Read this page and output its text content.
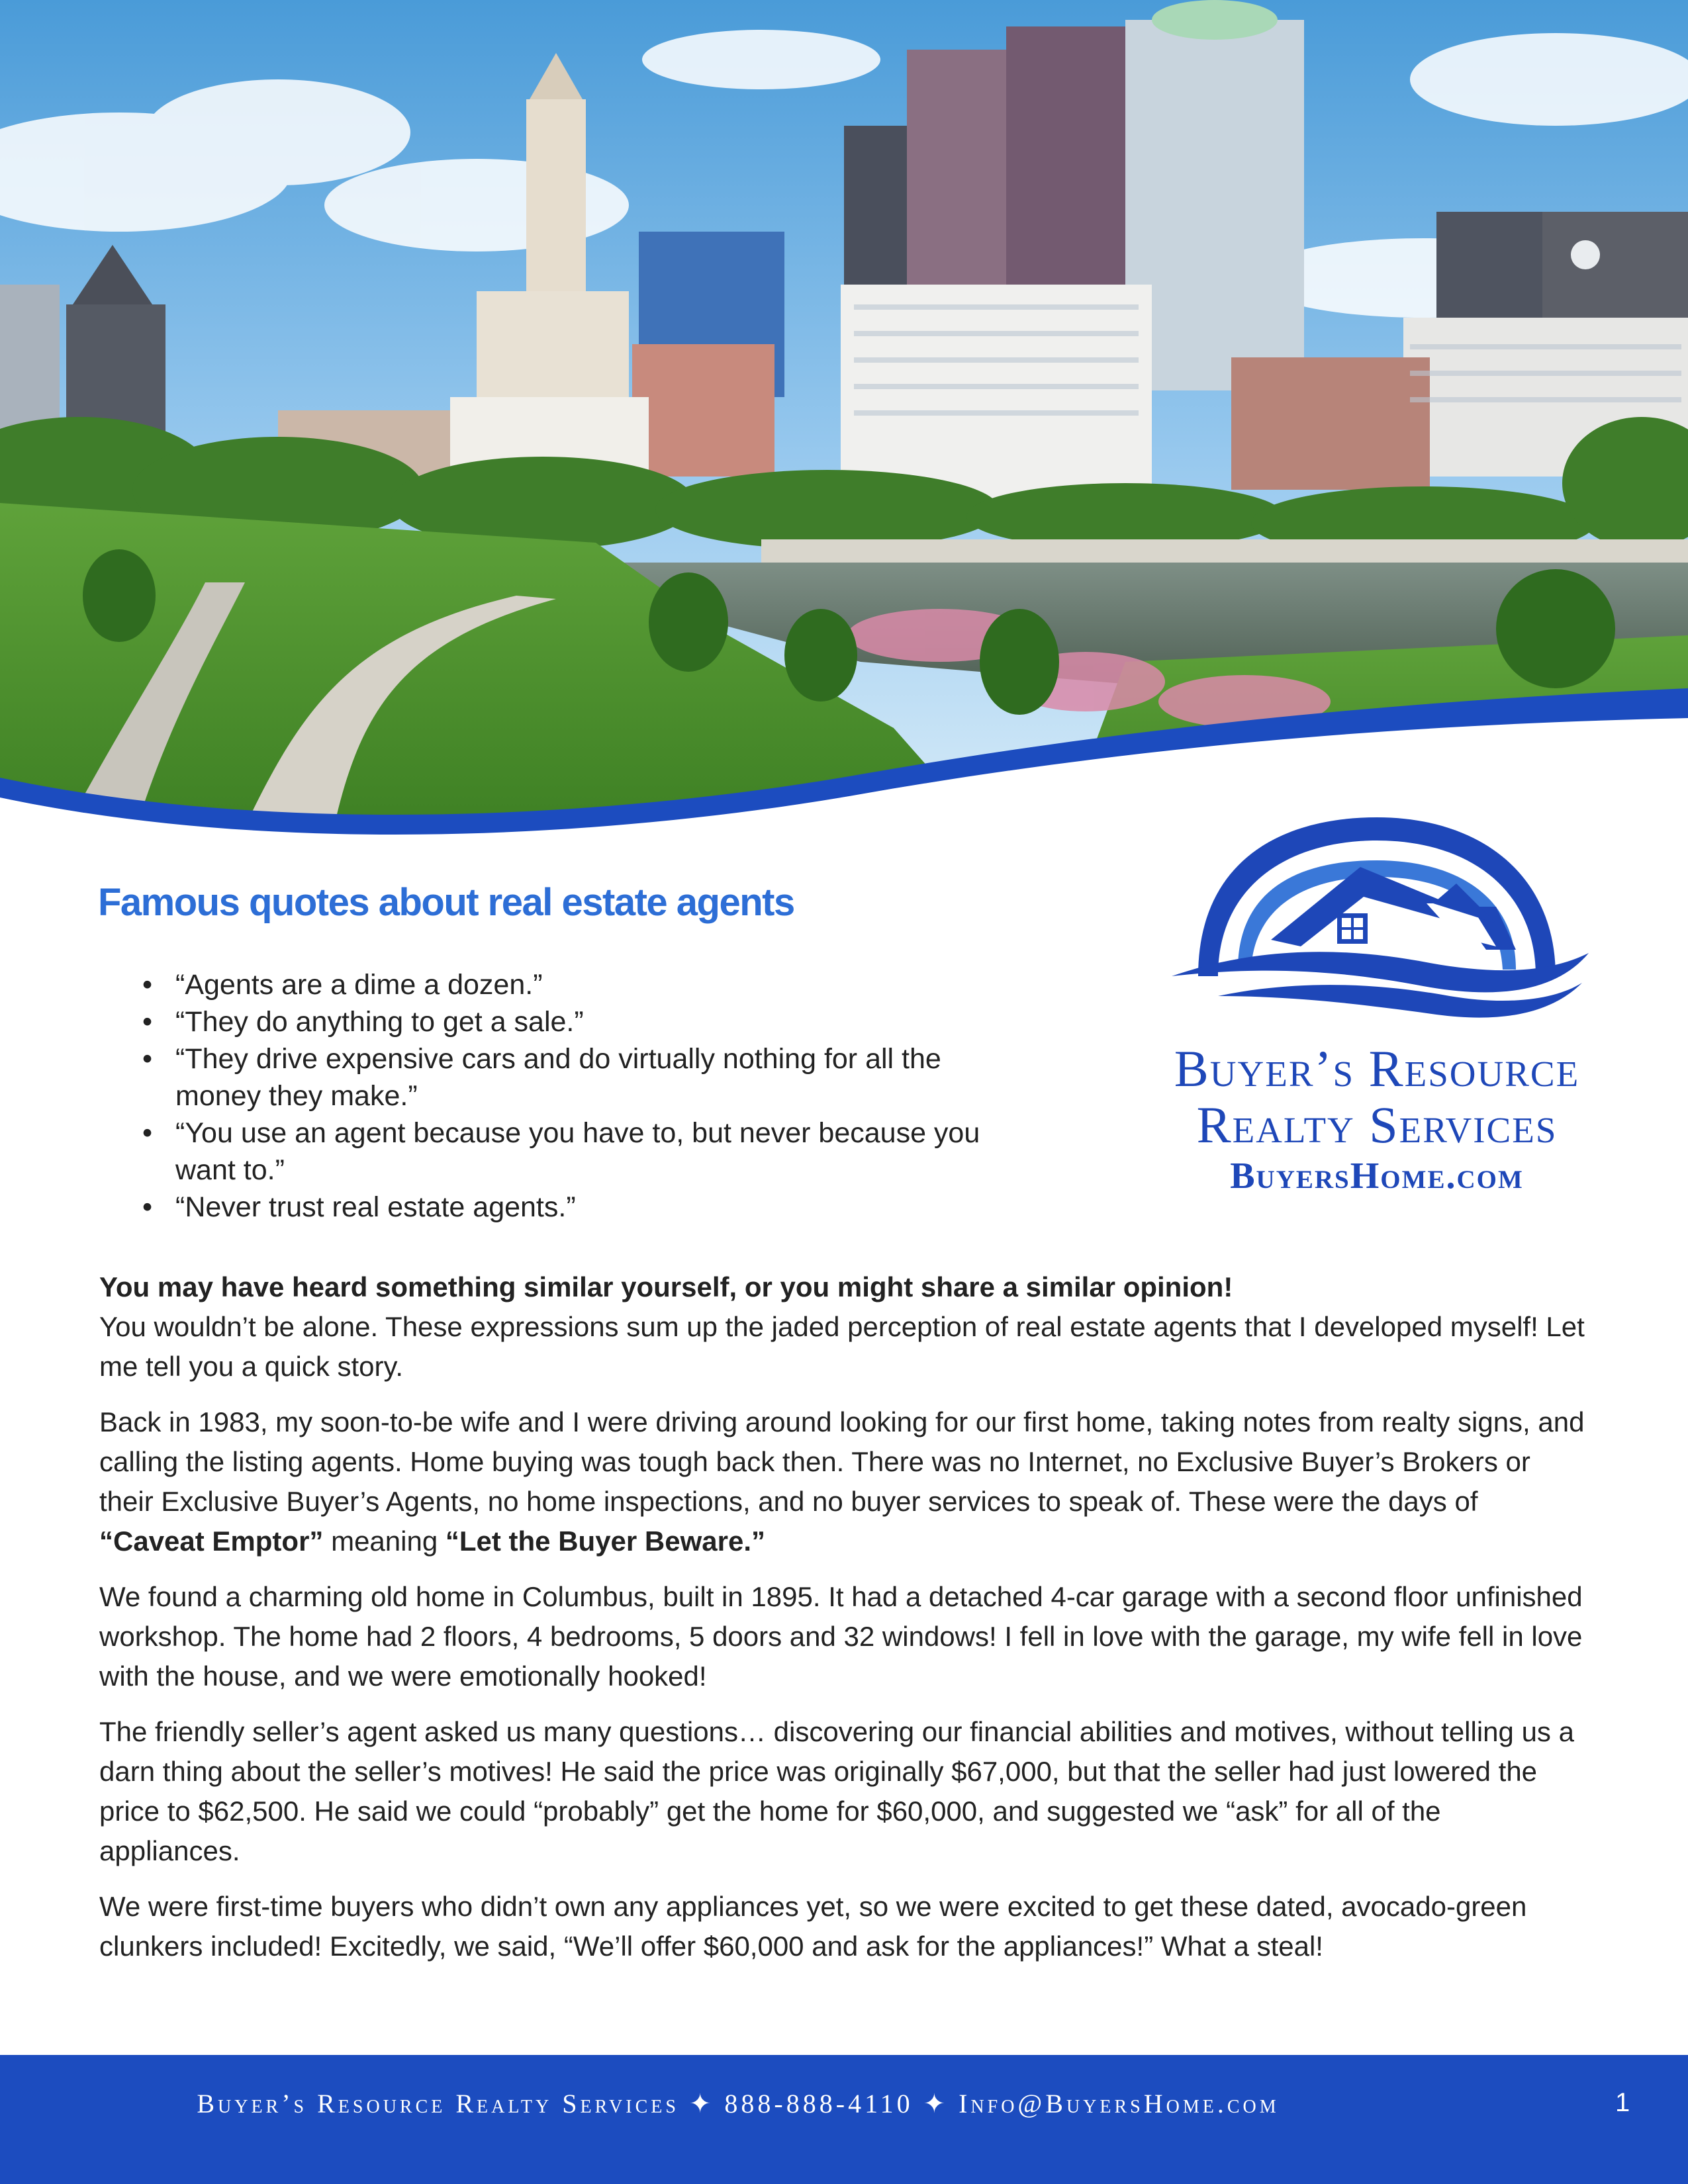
Buyer’s Resource
Realty Services
BuyersHome.com
Famous quotes about real estate agents
• “Agents are a dime a dozen.”
• “They do anything to get a sale.”
• “They drive expensive cars and do virtually nothing for all the money they make.”
• “You use an agent because you have to, but never because you want to.”
• “Never trust real estate agents.”

You may have heard something similar yourself, or you might share a similar opinion!
You wouldn’t be alone. These expressions sum up the jaded perception of real estate agents that I developed myself! Let me tell you a quick story.

Back in 1983, my soon-to-be wife and I were driving around looking for our first home, taking notes from realty signs, and calling the listing agents. Home buying was tough back then. There was no Internet, no Exclusive Buyer’s Brokers or their Exclusive Buyer’s Agents, no home inspections, and no buyer services to speak of. These were the days of “Caveat Emptor” meaning “Let the Buyer Beware.”

We found a charming old home in Columbus, built in 1895. It had a detached 4-car garage with a second floor unfinished workshop. The home had 2 floors, 4 bedrooms, 5 doors and 32 windows! I fell in love with the garage, my wife fell in love with the house, and we were emotionally hooked!

The friendly seller’s agent asked us many questions… discovering our financial abilities and motives, without telling us a darn thing about the seller’s motives! He said the price was originally $67,000, but that the seller had just lowered the price to $62,500. He said we could “probably” get the home for $60,000, and suggested we “ask” for all of the appliances.

We were first-time buyers who didn’t own any appliances yet, so we were excited to get these dated, avocado-green clunkers included! Excitedly, we said, “We’ll offer $60,000 and ask for the appliances!” What a steal!

Buyer’s Resource Realty Services ✦ 888-888-4110 ✦ Info@BuyersHome.com	1
